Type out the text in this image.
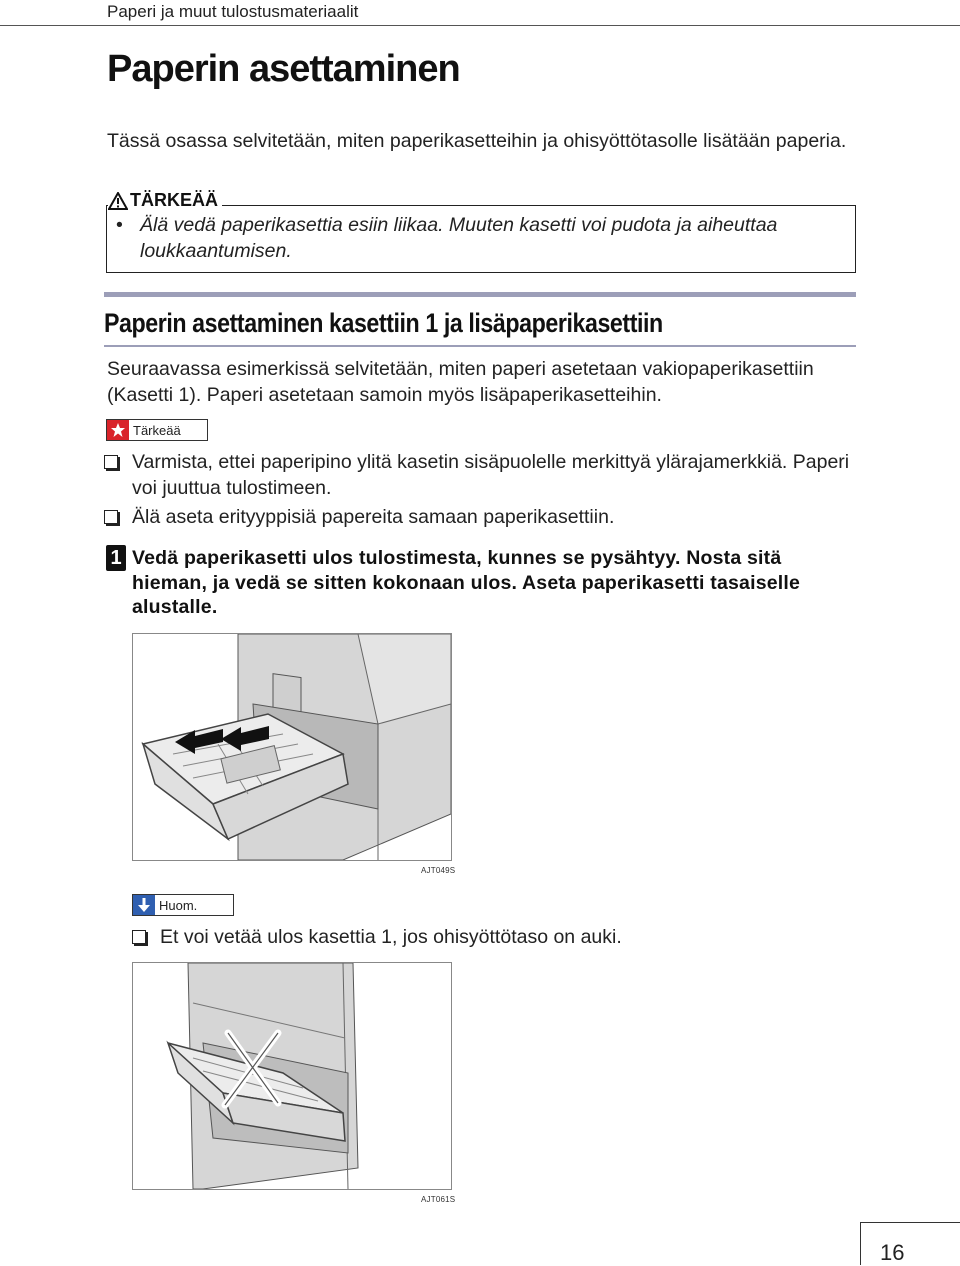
Paperi ja muut tulostusmateriaalit
Paperin asettaminen
Tässä osassa selvitetään, miten paperikasetteihin ja ohisyöttötasolle lisätään paperia.
TÄRKEÄÄ
• Älä vedä paperikasettia esiin liikaa. Muuten kasetti voi pudota ja aiheuttaa loukkaantumisen.
Paperin asettaminen kasettiin 1 ja lisäpaperikasettiin
Seuraavassa esimerkissä selvitetään, miten paperi asetetaan vakiopaperikasettiin (Kasetti 1). Paperi asetetaan samoin myös lisäpaperikasetteihin.
Tärkeää
Varmista, ettei paperipino ylitä kasetin sisäpuolelle merkittyä ylärajamerkkiä. Paperi voi juuttua tulostimeen.
Älä aseta erityyppisiä papereita samaan paperikasettiin.
1 Vedä paperikasetti ulos tulostimesta, kunnes se pysähtyy. Nosta sitä hieman, ja vedä se sitten kokonaan ulos. Aseta paperikasetti tasaiselle alustalle.
AJT049S
Huom.
Et voi vetää ulos kasettia 1, jos ohisyöttötaso on auki.
AJT061S
16
